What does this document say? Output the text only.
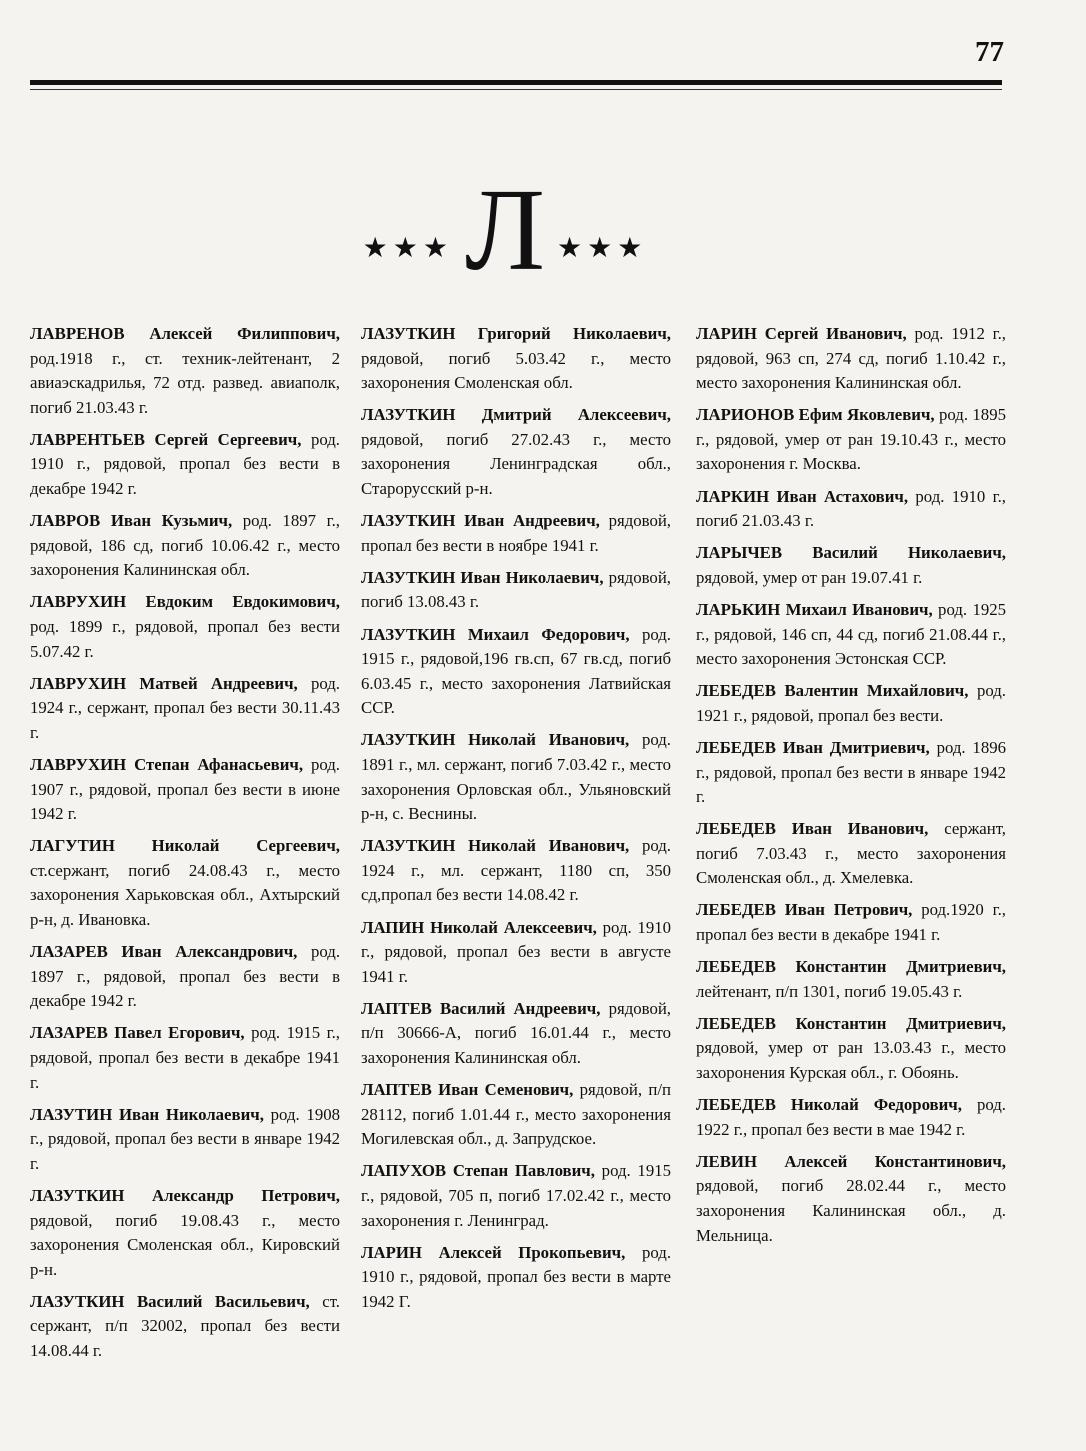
77
★★★ Л ★★★

ЛАВРЕНОВ Алексей Филиппович, род.1918 г., ст. техник-лейтенант, 2 авиаэскадрилья, 72 отд. развед. авиаполк, погиб 21.03.43 г.

ЛАВРЕНТЬЕВ Сергей Сергеевич, род. 1910 г., рядовой, пропал без вести в декабре 1942 г.

ЛАВРОВ Иван Кузьмич, род. 1897 г., рядовой, 186 сд, погиб 10.06.42 г., место захоронения Калининская обл.

ЛАВРУХИН Евдоким Евдокимович, род. 1899 г., рядовой, пропал без вести 5.07.42 г.

ЛАВРУХИН Матвей Андреевич, род. 1924 г., сержант, пропал без вести 30.11.43 г.

ЛАВРУХИН Степан Афанасьевич, род. 1907 г., рядовой, пропал без вести в июне 1942 г.

ЛАГУТИН Николай Сергеевич, ст.сержант, погиб 24.08.43 г., место захоронения Харьковская обл., Ахтырский р-н, д. Ивановка.

ЛАЗАРЕВ Иван Александрович, род. 1897 г., рядовой, пропал без вести в декабре 1942 г.

ЛАЗАРЕВ Павел Егорович, род. 1915 г., рядовой, пропал без вести в декабре 1941 г.

ЛАЗУТИН Иван Николаевич, род. 1908 г., рядовой, пропал без вести в январе 1942 г.

ЛАЗУТКИН Александр Петрович, рядовой, погиб 19.08.43 г., место захоронения Смоленская обл., Кировский р-н.

ЛАЗУТКИН Василий Васильевич, ст. сержант, п/п 32002, пропал без вести 14.08.44 г.

ЛАЗУТКИН Григорий Николаевич, рядовой, погиб 5.03.42 г., место захоронения Смоленская обл.

ЛАЗУТКИН Дмитрий Алексеевич, рядовой, погиб 27.02.43 г., место захоронения Ленинградская обл., Старорусский р-н.

ЛАЗУТКИН Иван Андреевич, рядовой, пропал без вести в ноябре 1941 г.

ЛАЗУТКИН Иван Николаевич, рядовой, погиб 13.08.43 г.

ЛАЗУТКИН Михаил Федорович, род. 1915 г., рядовой,196 гв.сп, 67 гв.сд, погиб 6.03.45 г., место захоронения Латвийская ССР.

ЛАЗУТКИН Николай Иванович, род. 1891 г., мл. сержант, погиб 7.03.42 г., место захоронения Орловская обл., Ульяновский р-н, с. Веснины.

ЛАЗУТКИН Николай Иванович, род. 1924 г., мл. сержант, 1180 сп, 350 сд,пропал без вести 14.08.42 г.

ЛАПИН Николай Алексеевич, род. 1910 г., рядовой, пропал без вести в августе 1941 г.

ЛАПТЕВ Василий Андреевич, рядовой, п/п 30666-А, погиб 16.01.44 г., место захоронения Калининская обл.

ЛАПТЕВ Иван Семенович, рядовой, п/п 28112, погиб 1.01.44 г., место захоронения Могилевская обл., д. Запрудское.

ЛАПУХОВ Степан Павлович, род. 1915 г., рядовой, 705 п, погиб 17.02.42 г., место захоронения г. Ленинград.

ЛАРИН Алексей Прокопьевич, род. 1910 г., рядовой, пропал без вести в марте 1942 Г.

ЛАРИН Сергей Иванович, род. 1912 г., рядовой, 963 сп, 274 сд, погиб 1.10.42 г., место захоронения Калининская обл.

ЛАРИОНОВ Ефим Яковлевич, род. 1895 г., рядовой, умер от ран 19.10.43 г., место захоронения г. Москва.

ЛАРКИН Иван Астахович, род. 1910 г., погиб 21.03.43 г.

ЛАРЫЧЕВ Василий Николаевич, рядовой, умер от ран 19.07.41 г.

ЛАРЬКИН Михаил Иванович, род. 1925 г., рядовой, 146 сп, 44 сд, погиб 21.08.44 г., место захоронения Эстонская ССР.

ЛЕБЕДЕВ Валентин Михайлович, род. 1921 г., рядовой, пропал без вести.

ЛЕБЕДЕВ Иван Дмитриевич, род. 1896 г., рядовой, пропал без вести в январе 1942 г.

ЛЕБЕДЕВ Иван Иванович, сержант, погиб 7.03.43 г., место захоронения Смоленская обл., д. Хмелевка.

ЛЕБЕДЕВ Иван Петрович, род.1920 г., пропал без вести в декабре 1941 г.

ЛЕБЕДЕВ Константин Дмитриевич, лейтенант, п/п 1301, погиб 19.05.43 г.

ЛЕБЕДЕВ Константин Дмитриевич, рядовой, умер от ран 13.03.43 г., место захоронения Курская обл., г. Обоянь.

ЛЕБЕДЕВ Николай Федорович, род. 1922 г., пропал без вести в мае 1942 г.

ЛЕВИН Алексей Константинович, рядовой, погиб 28.02.44 г., место захоронения Калининская обл., д. Мельница.
